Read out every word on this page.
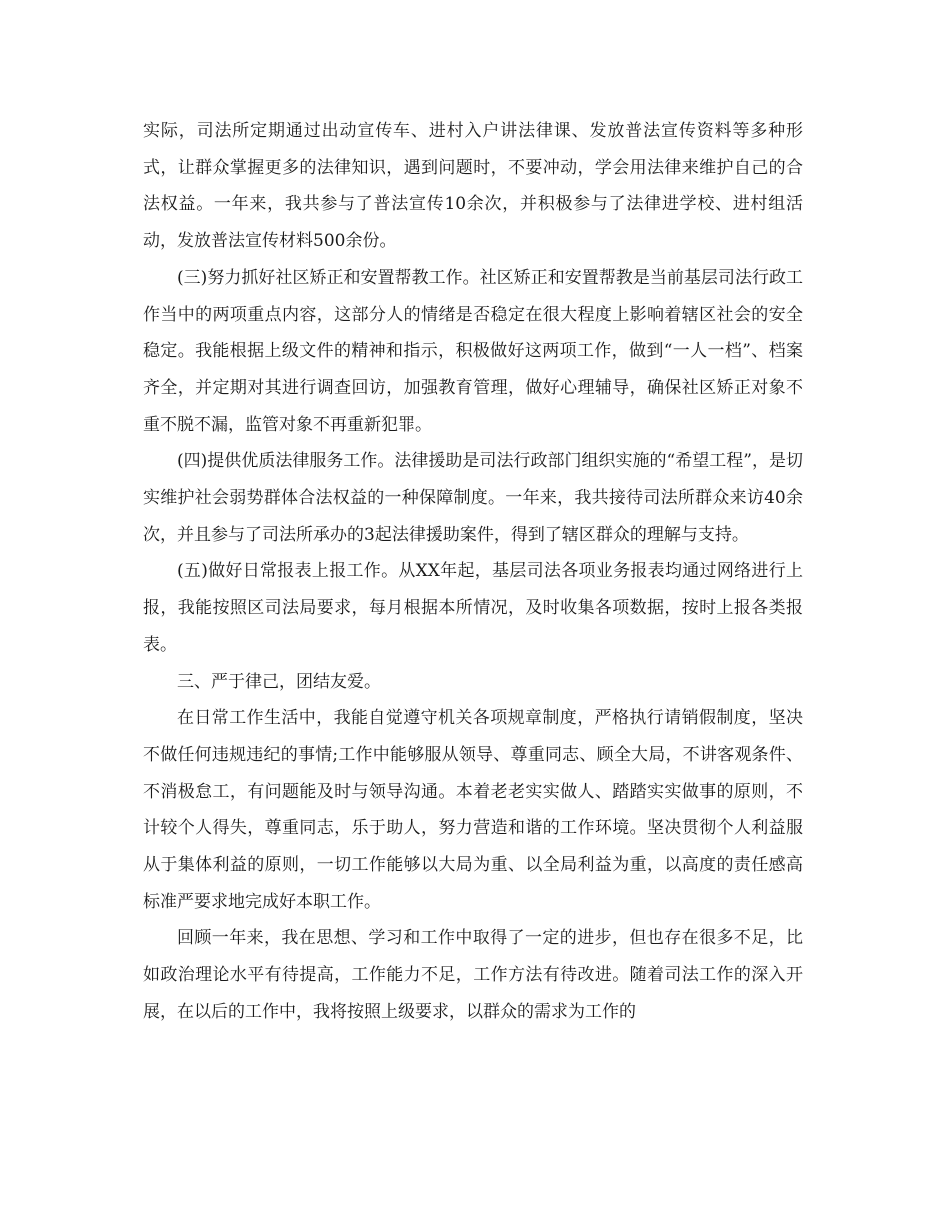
实际，司法所定期通过出动宣传车、进村入户讲法律课、发放普法宣传资料等多种形式，让群众掌握更多的法律知识，遇到问题时，不要冲动，学会用法律来维护自己的合法权益。一年来，我共参与了普法宣传10余次，并积极参与了法律进学校、进村组活动，发放普法宣传材料500余份。

(三)努力抓好社区矫正和安置帮教工作。社区矫正和安置帮教是当前基层司法行政工作当中的两项重点内容，这部分人的情绪是否稳定在很大程度上影响着辖区社会的安全稳定。我能根据上级文件的精神和指示，积极做好这两项工作，做到“一人一档”、档案齐全，并定期对其进行调查回访，加强教育管理，做好心理辅导，确保社区矫正对象不重不脱不漏，监管对象不再重新犯罪。

(四)提供优质法律服务工作。法律援助是司法行政部门组织实施的“希望工程”，是切实维护社会弱势群体合法权益的一种保障制度。一年来，我共接待司法所群众来访40余次，并且参与了司法所承办的3起法律援助案件，得到了辖区群众的理解与支持。

(五)做好日常报表上报工作。从XX年起，基层司法各项业务报表均通过网络进行上报，我能按照区司法局要求，每月根据本所情况，及时收集各项数据，按时上报各类报表。

三、严于律己，团结友爱。

在日常工作生活中，我能自觉遵守机关各项规章制度，严格执行请销假制度，坚决不做任何违规违纪的事情;工作中能够服从领导、尊重同志、顾全大局，不讲客观条件、不消极怠工，有问题能及时与领导沟通。本着老老实实做人、踏踏实实做事的原则，不计较个人得失，尊重同志，乐于助人，努力营造和谐的工作环境。坚决贯彻个人利益服从于集体利益的原则，一切工作能够以大局为重、以全局利益为重，以高度的责任感高标准严要求地完成好本职工作。

回顾一年来，我在思想、学习和工作中取得了一定的进步，但也存在很多不足，比如政治理论水平有待提高，工作能力不足，工作方法有待改进。随着司法工作的深入开展，在以后的工作中，我将按照上级要求，以群众的需求为工作的
